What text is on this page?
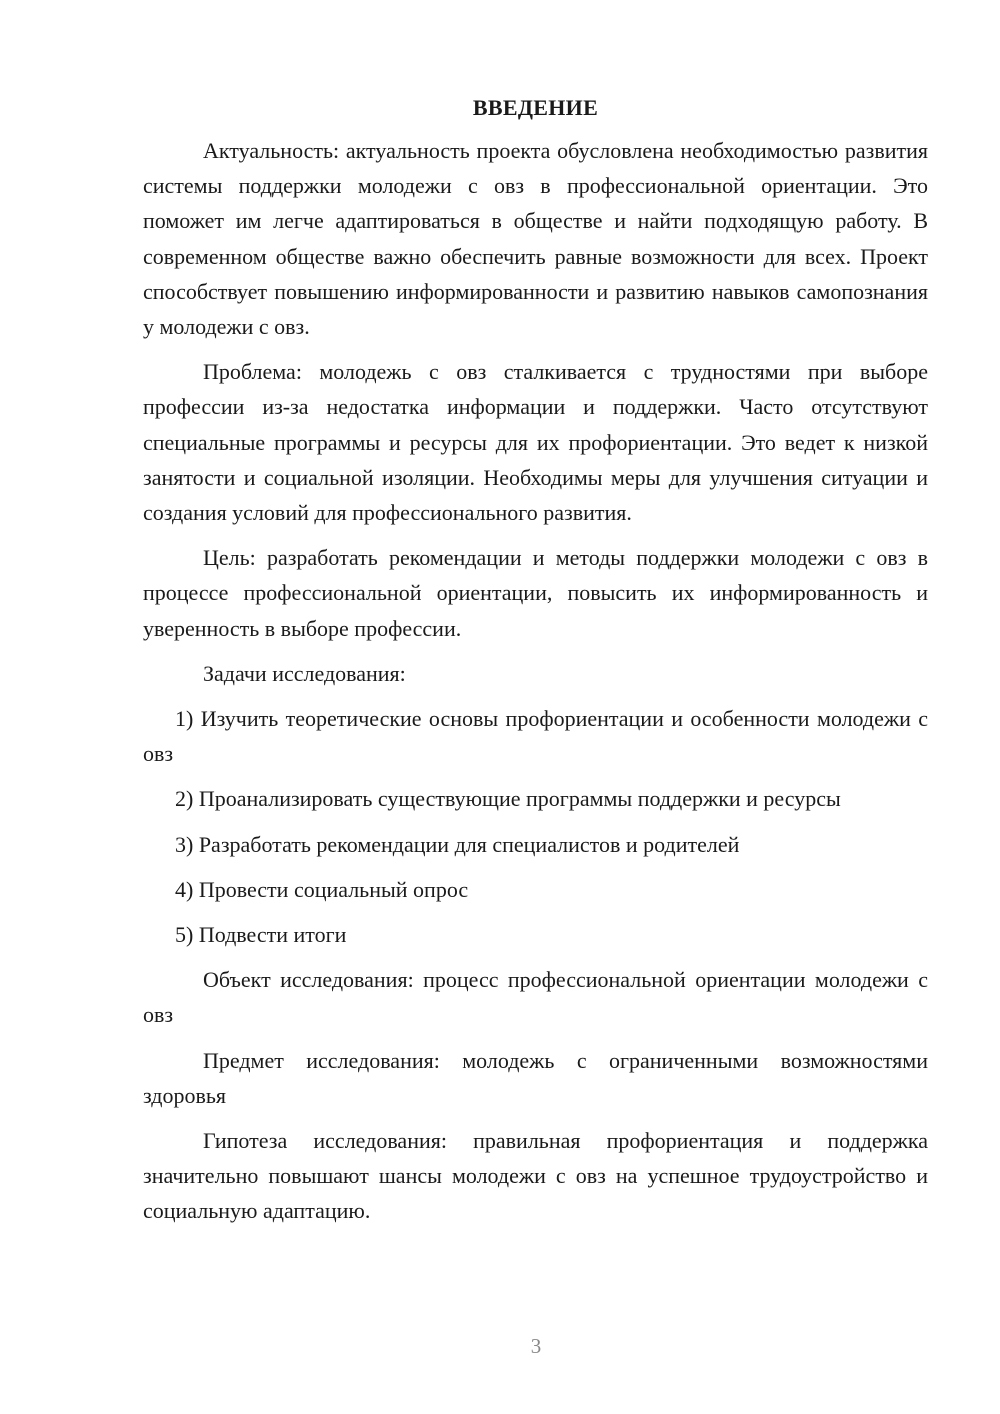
ВВЕДЕНИЕ

Актуальность: актуальность проекта обусловлена необходимостью развития системы поддержки молодежи с овз в профессиональной ориентации. Это поможет им легче адаптироваться в обществе и найти подходящую работу. В современном обществе важно обеспечить равные возможности для всех. Проект способствует повышению информированности и развитию навыков самопознания у молодежи с овз.

Проблема: молодежь с овз сталкивается с трудностями при выборе профессии из-за недостатка информации и поддержки. Часто отсутствуют специальные программы и ресурсы для их профориентации. Это ведет к низкой занятости и социальной изоляции. Необходимы меры для улучшения ситуации и создания условий для профессионального развития.

Цель: разработать рекомендации и методы поддержки молодежи с овз в процессе профессиональной ориентации, повысить их информированность и уверенность в выборе профессии.

Задачи исследования:

1) Изучить теоретические основы профориентации и особенности молодежи с овз

2) Проанализировать существующие программы поддержки и ресурсы

3) Разработать рекомендации для специалистов и родителей

4) Провести социальный опрос

5) Подвести итоги

Объект исследования: процесс профессиональной ориентации молодежи с овз

Предмет исследования: молодежь с ограниченными возможностями здоровья

Гипотеза исследования: правильная профориентация и поддержка значительно повышают шансы молодежи с овз на успешное трудоустройство и социальную адаптацию.

3
